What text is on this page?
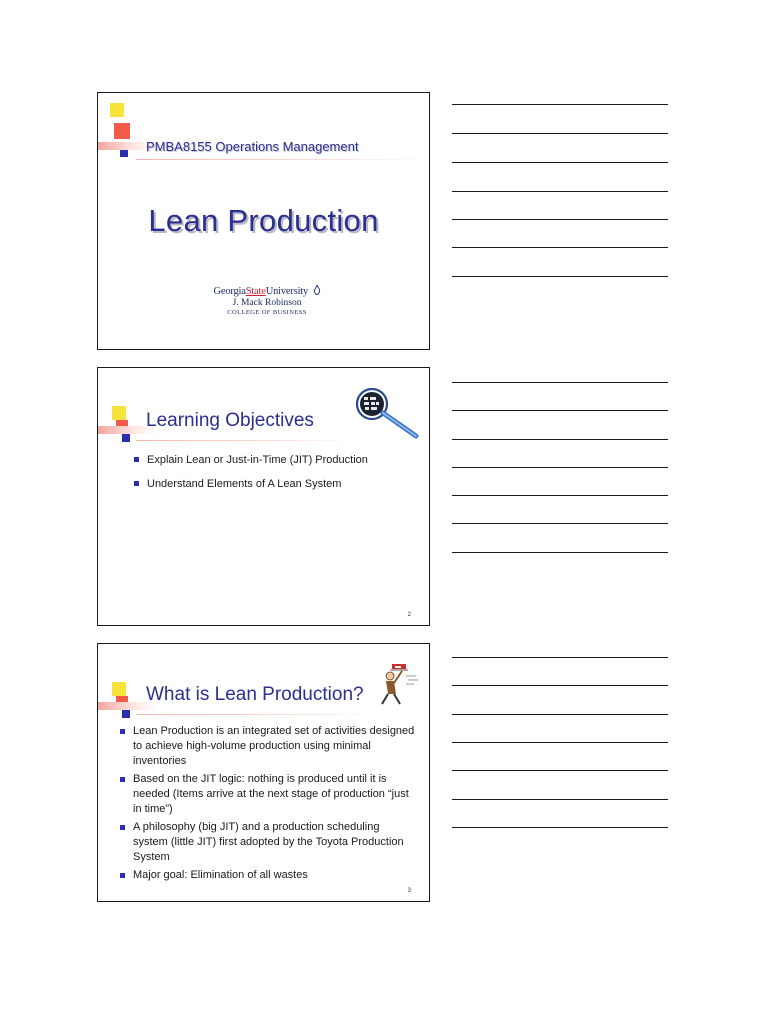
PMBA8155 Operations Management
Lean Production
GeorgiaStateUniversity
J. Mack Robinson
COLLEGE OF BUSINESS
Learning Objectives
Explain Lean or Just-in-Time (JIT) Production
Understand Elements of A Lean System
2
What is Lean Production?
Lean Production is an integrated set of activities designed to achieve high-volume production using minimal inventories
Based on the JIT logic: nothing is produced until it is needed (Items arrive at the next stage of production “just in time”)
A philosophy (big JIT) and a production scheduling system (little JIT) first adopted by the Toyota Production System
Major goal: Elimination of all wastes
3
